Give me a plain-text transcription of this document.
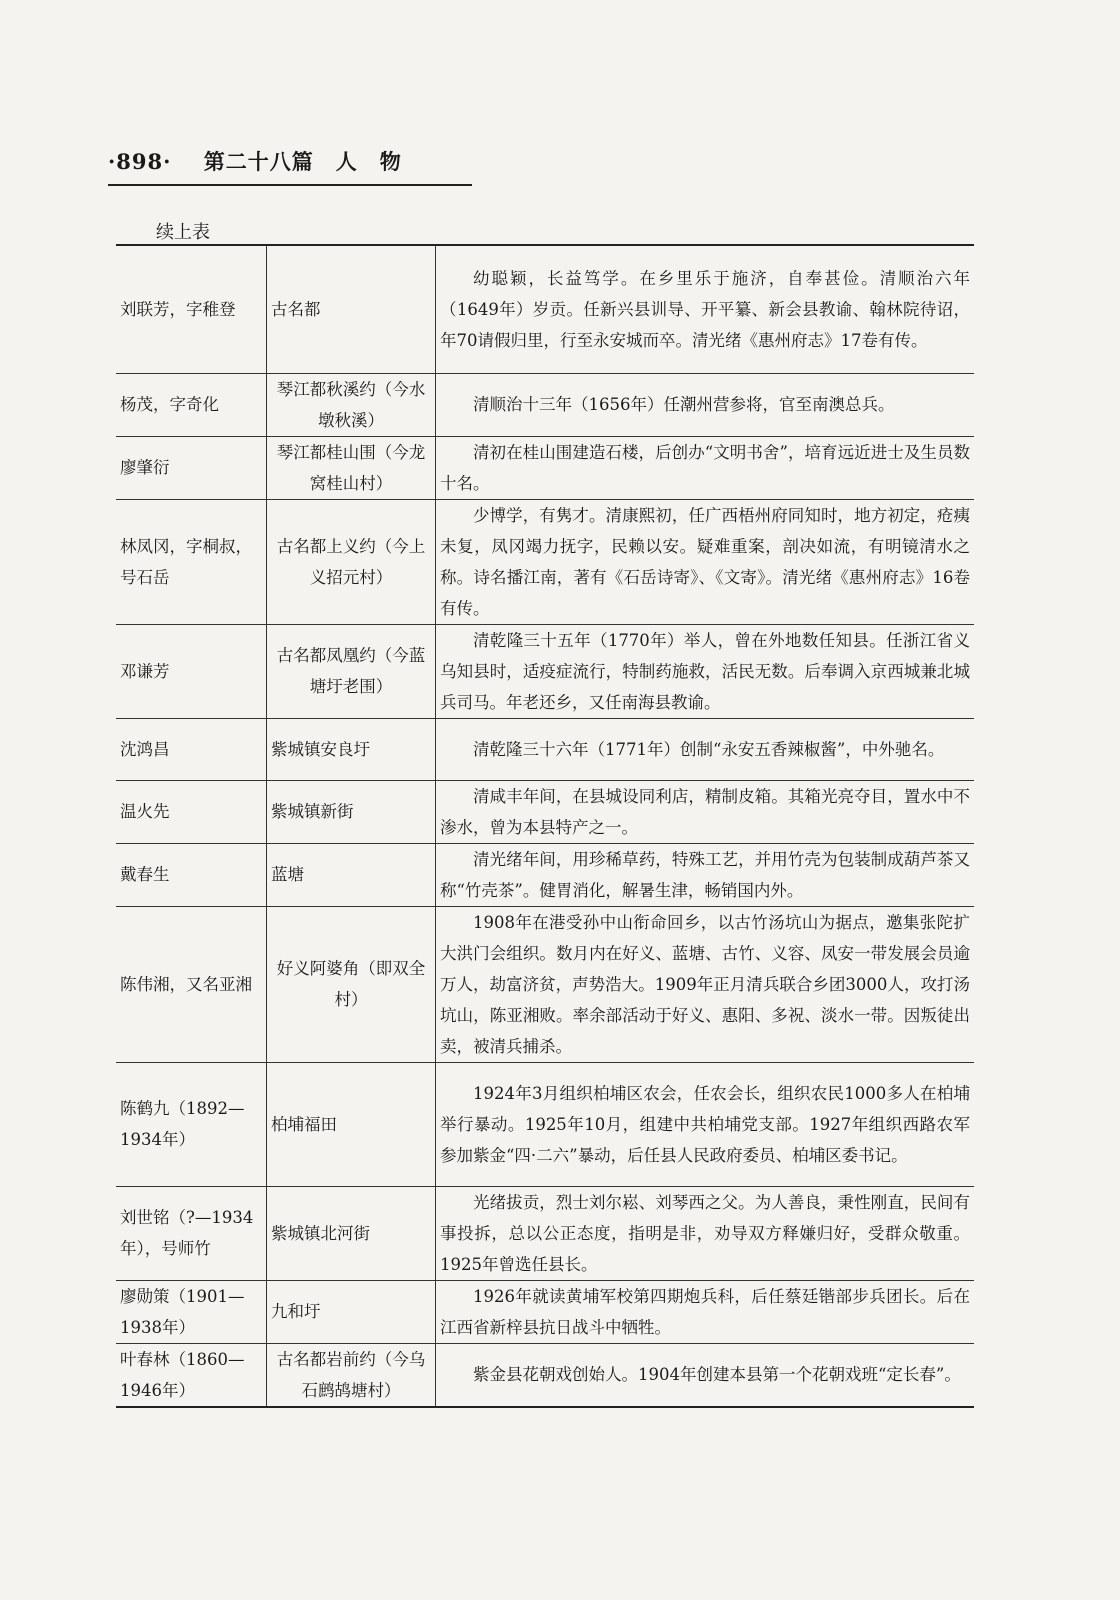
·898· 第二十八篇　人　物
续上表
刘联芳，字稚登	古名都	幼聪颖，长益笃学。在乡里乐于施济，自奉甚俭。清顺治六年（1649年）岁贡。任新兴县训导、开平纂、新会县教谕、翰林院待诏，年70请假归里，行至永安城而卒。清光绪《惠州府志》17卷有传。

杨茂，字奇化	琴江都秋溪约（今水墩秋溪）	清顺治十三年（1656年）任潮州营参将，官至南澳总兵。

廖肇衍	琴江都桂山围（今龙窝桂山村）	清初在桂山围建造石楼，后创办“文明书舍”，培育远近进士及生员数十名。

林凤冈，字桐叔，号石岳	古名都上义约（今上义招元村）	少博学，有隽才。清康熙初，任广西梧州府同知时，地方初定，疮痍未复，凤冈竭力抚字，民赖以安。疑难重案，剖决如流，有明镜清水之称。诗名播江南，著有《石岳诗寄》、《文寄》。清光绪《惠州府志》16卷有传。

邓谦芳	古名都凤凰约（今蓝塘圩老围）	清乾隆三十五年（1770年）举人，曾在外地数任知县。任浙江省义乌知县时，适疫症流行，特制药施救，活民无数。后奉调入京西城兼北城兵司马。年老还乡，又任南海县教谕。

沈鸿昌	紫城镇安良圩	清乾隆三十六年（1771年）创制“永安五香辣椒酱”，中外驰名。

温火先	紫城镇新街	清咸丰年间，在县城设同利店，精制皮箱。其箱光亮夺目，置水中不渗水，曾为本县特产之一。

戴春生	蓝塘	清光绪年间，用珍稀草药，特殊工艺，并用竹壳为包装制成葫芦茶又称“竹壳茶”。健胃消化，解暑生津，畅销国内外。

陈伟湘，又名亚湘	好义阿婆角（即双全村）	1908年在港受孙中山衔命回乡，以古竹汤坑山为据点，邀集张陀扩大洪门会组织。数月内在好义、蓝塘、古竹、义容、凤安一带发展会员逾万人，劫富济贫，声势浩大。1909年正月清兵联合乡团3000人，攻打汤坑山，陈亚湘败。率余部活动于好义、惠阳、多祝、淡水一带。因叛徒出卖，被清兵捕杀。

陈鹤九（1892—1934年）	柏埔福田	1924年3月组织柏埔区农会，任农会长，组织农民1000多人在柏埔举行暴动。1925年10月，组建中共柏埔党支部。1927年组织西路农军参加紫金“四·二六”暴动，后任县人民政府委员、柏埔区委书记。

刘世铭（?—1934年），号师竹	紫城镇北河街	光绪拔贡，烈士刘尔崧、刘琴西之父。为人善良，秉性刚直，民间有事投拆，总以公正态度，指明是非，劝导双方释嫌归好，受群众敬重。1925年曾选任县长。

廖勋策（1901—1938年）	九和圩	1926年就读黄埔军校第四期炮兵科，后任蔡廷锴部步兵团长。后在江西省新梓县抗日战斗中牺牲。

叶春林（1860—1946年）	古名都岩前约（今乌石鹧鸪塘村）	紫金县花朝戏创始人。1904年创建本县第一个花朝戏班“定长春”。
